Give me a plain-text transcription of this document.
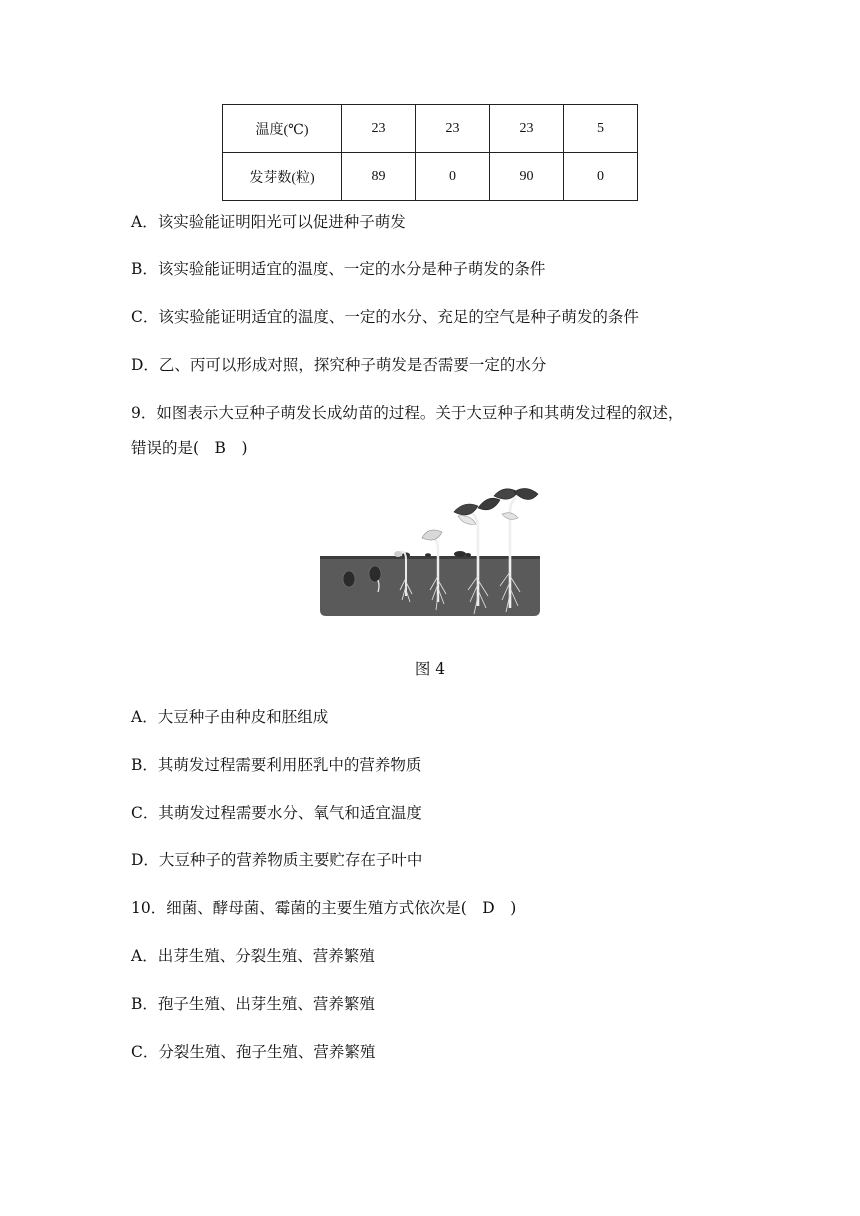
温度(℃)	23	23	23	5
发芽数(粒)	89	0	90	0
A．该实验能证明阳光可以促进种子萌发
B．该实验能证明适宜的温度、一定的水分是种子萌发的条件
C．该实验能证明适宜的温度、一定的水分、充足的空气是种子萌发的条件
D．乙、丙可以形成对照，探究种子萌发是否需要一定的水分
9．如图表示大豆种子萌发长成幼苗的过程。关于大豆种子和其萌发过程的叙述，
错误的是(　B　)
图 4
A．大豆种子由种皮和胚组成
B．其萌发过程需要利用胚乳中的营养物质
C．其萌发过程需要水分、氧气和适宜温度
D．大豆种子的营养物质主要贮存在子叶中
10．细菌、酵母菌、霉菌的主要生殖方式依次是(　D　)
A．出芽生殖、分裂生殖、营养繁殖
B．孢子生殖、出芽生殖、营养繁殖
C．分裂生殖、孢子生殖、营养繁殖
